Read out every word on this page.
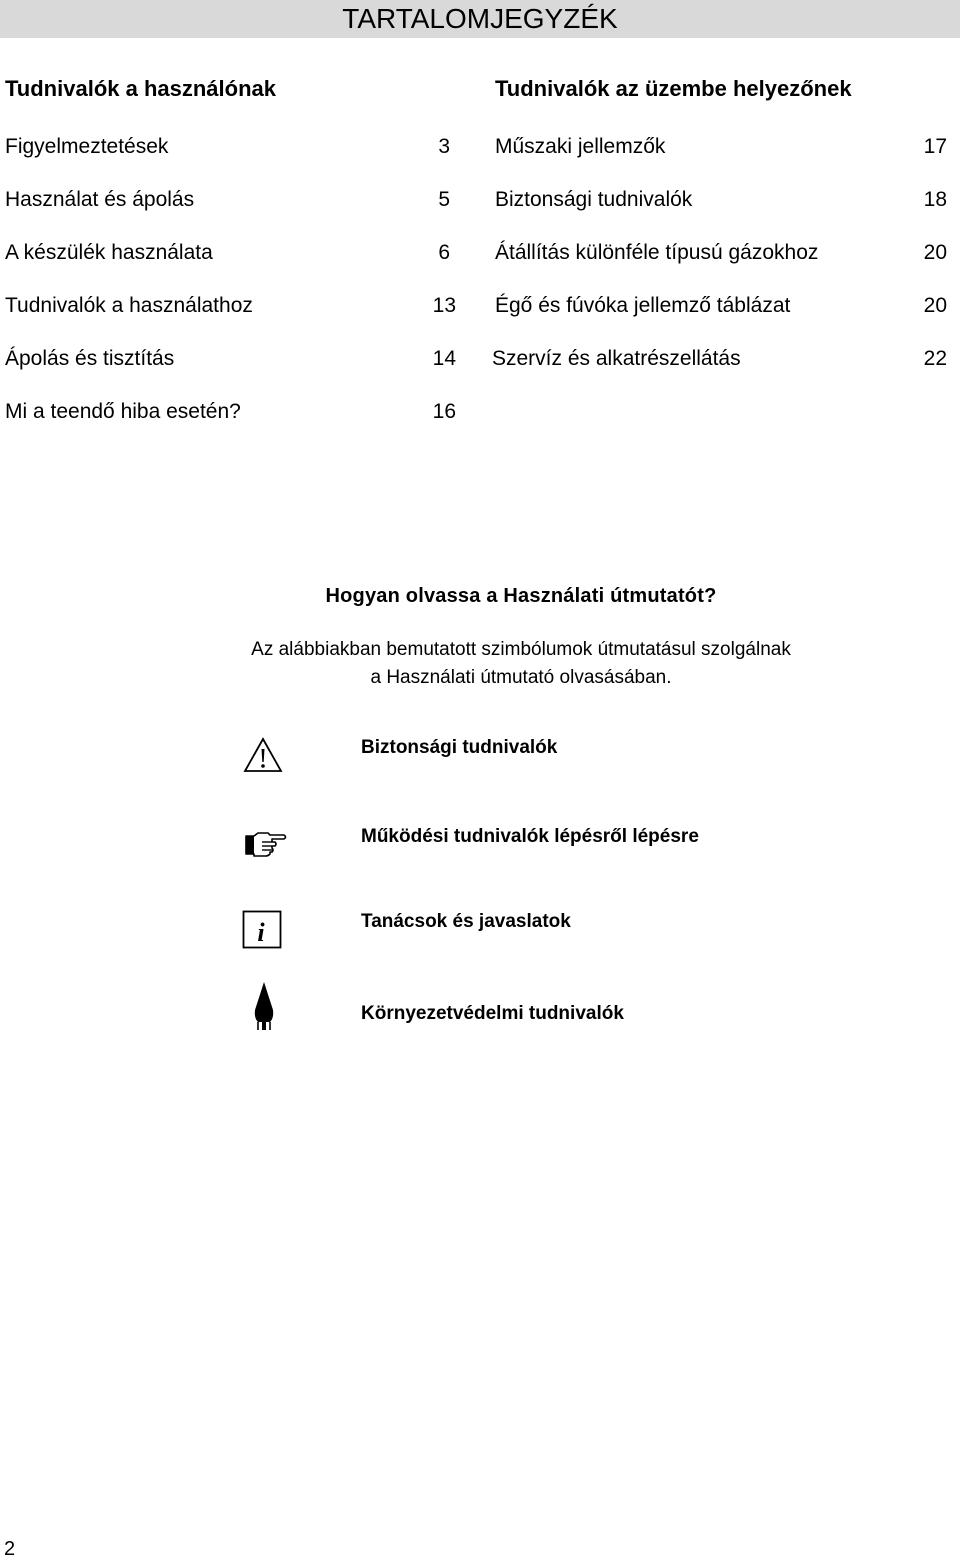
TARTALOMJEGYZÉK
Tudnivalók a használónak	Tudnivalók az üzembe helyezőnek
Figyelmeztetések	3
Használat és ápolás	5
A készülék használata	6
Tudnivalók a használathoz	13
Ápolás és tisztítás	14
Mi a teendő hiba esetén?	16
Műszaki jellemzők	17
Biztonsági tudnivalók	18
Átállítás különféle típusú gázokhoz	20
Égő és fúvóka jellemző táblázat	20
Szervíz és alkatrészellátás	22
Hogyan olvassa a Használati útmutatót?
Az alábbiakban bemutatott szimbólumok útmutatásul szolgálnak
a Használati útmutató olvasásában.
Biztonsági tudnivalók
Működési tudnivalók lépésről lépésre
i	Tanácsok és javaslatok
Környezetvédelmi tudnivalók
2
